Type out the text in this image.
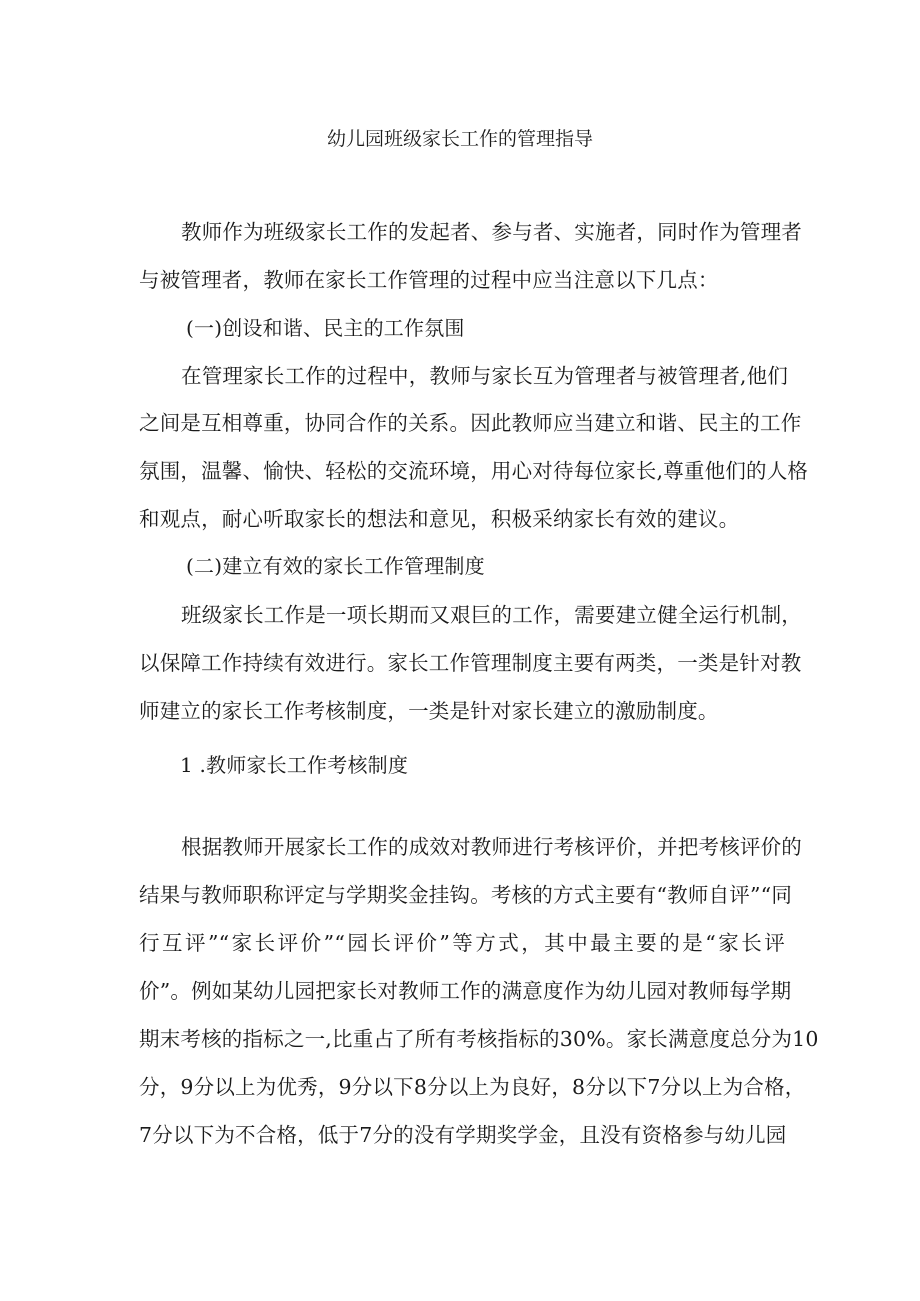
幼儿园班级家长工作的管理指导
教师作为班级家长工作的发起者、参与者、实施者，同时作为管理者
与被管理者，教师在家长工作管理的过程中应当注意以下几点：
(一)创设和谐、民主的工作氛围
在管理家长工作的过程中，教师与家长互为管理者与被管理者,他们
之间是互相尊重，协同合作的关系。因此教师应当建立和谐、民主的工作
氛围，温馨、愉快、轻松的交流环境，用心对待每位家长,尊重他们的人格
和观点，耐心听取家长的想法和意见，积极采纳家长有效的建议。
(二)建立有效的家长工作管理制度
班级家长工作是一项长期而又艰巨的工作，需要建立健全运行机制，
以保障工作持续有效进行。家长工作管理制度主要有两类，一类是针对教
师建立的家长工作考核制度，一类是针对家长建立的激励制度。
1 .教师家长工作考核制度
根据教师开展家长工作的成效对教师进行考核评价，并把考核评价的
结果与教师职称评定与学期奖金挂钩。考核的方式主要有“教师自评”“同
行互评”“家长评价”“园长评价”等方式，其中最主要的是“家长评
价”。例如某幼儿园把家长对教师工作的满意度作为幼儿园对教师每学期
期末考核的指标之一,比重占了所有考核指标的30%。家长满意度总分为10
分，9分以上为优秀，9分以下8分以上为良好，8分以下7分以上为合格，
7分以下为不合格，低于7分的没有学期奖学金，且没有资格参与幼儿园
